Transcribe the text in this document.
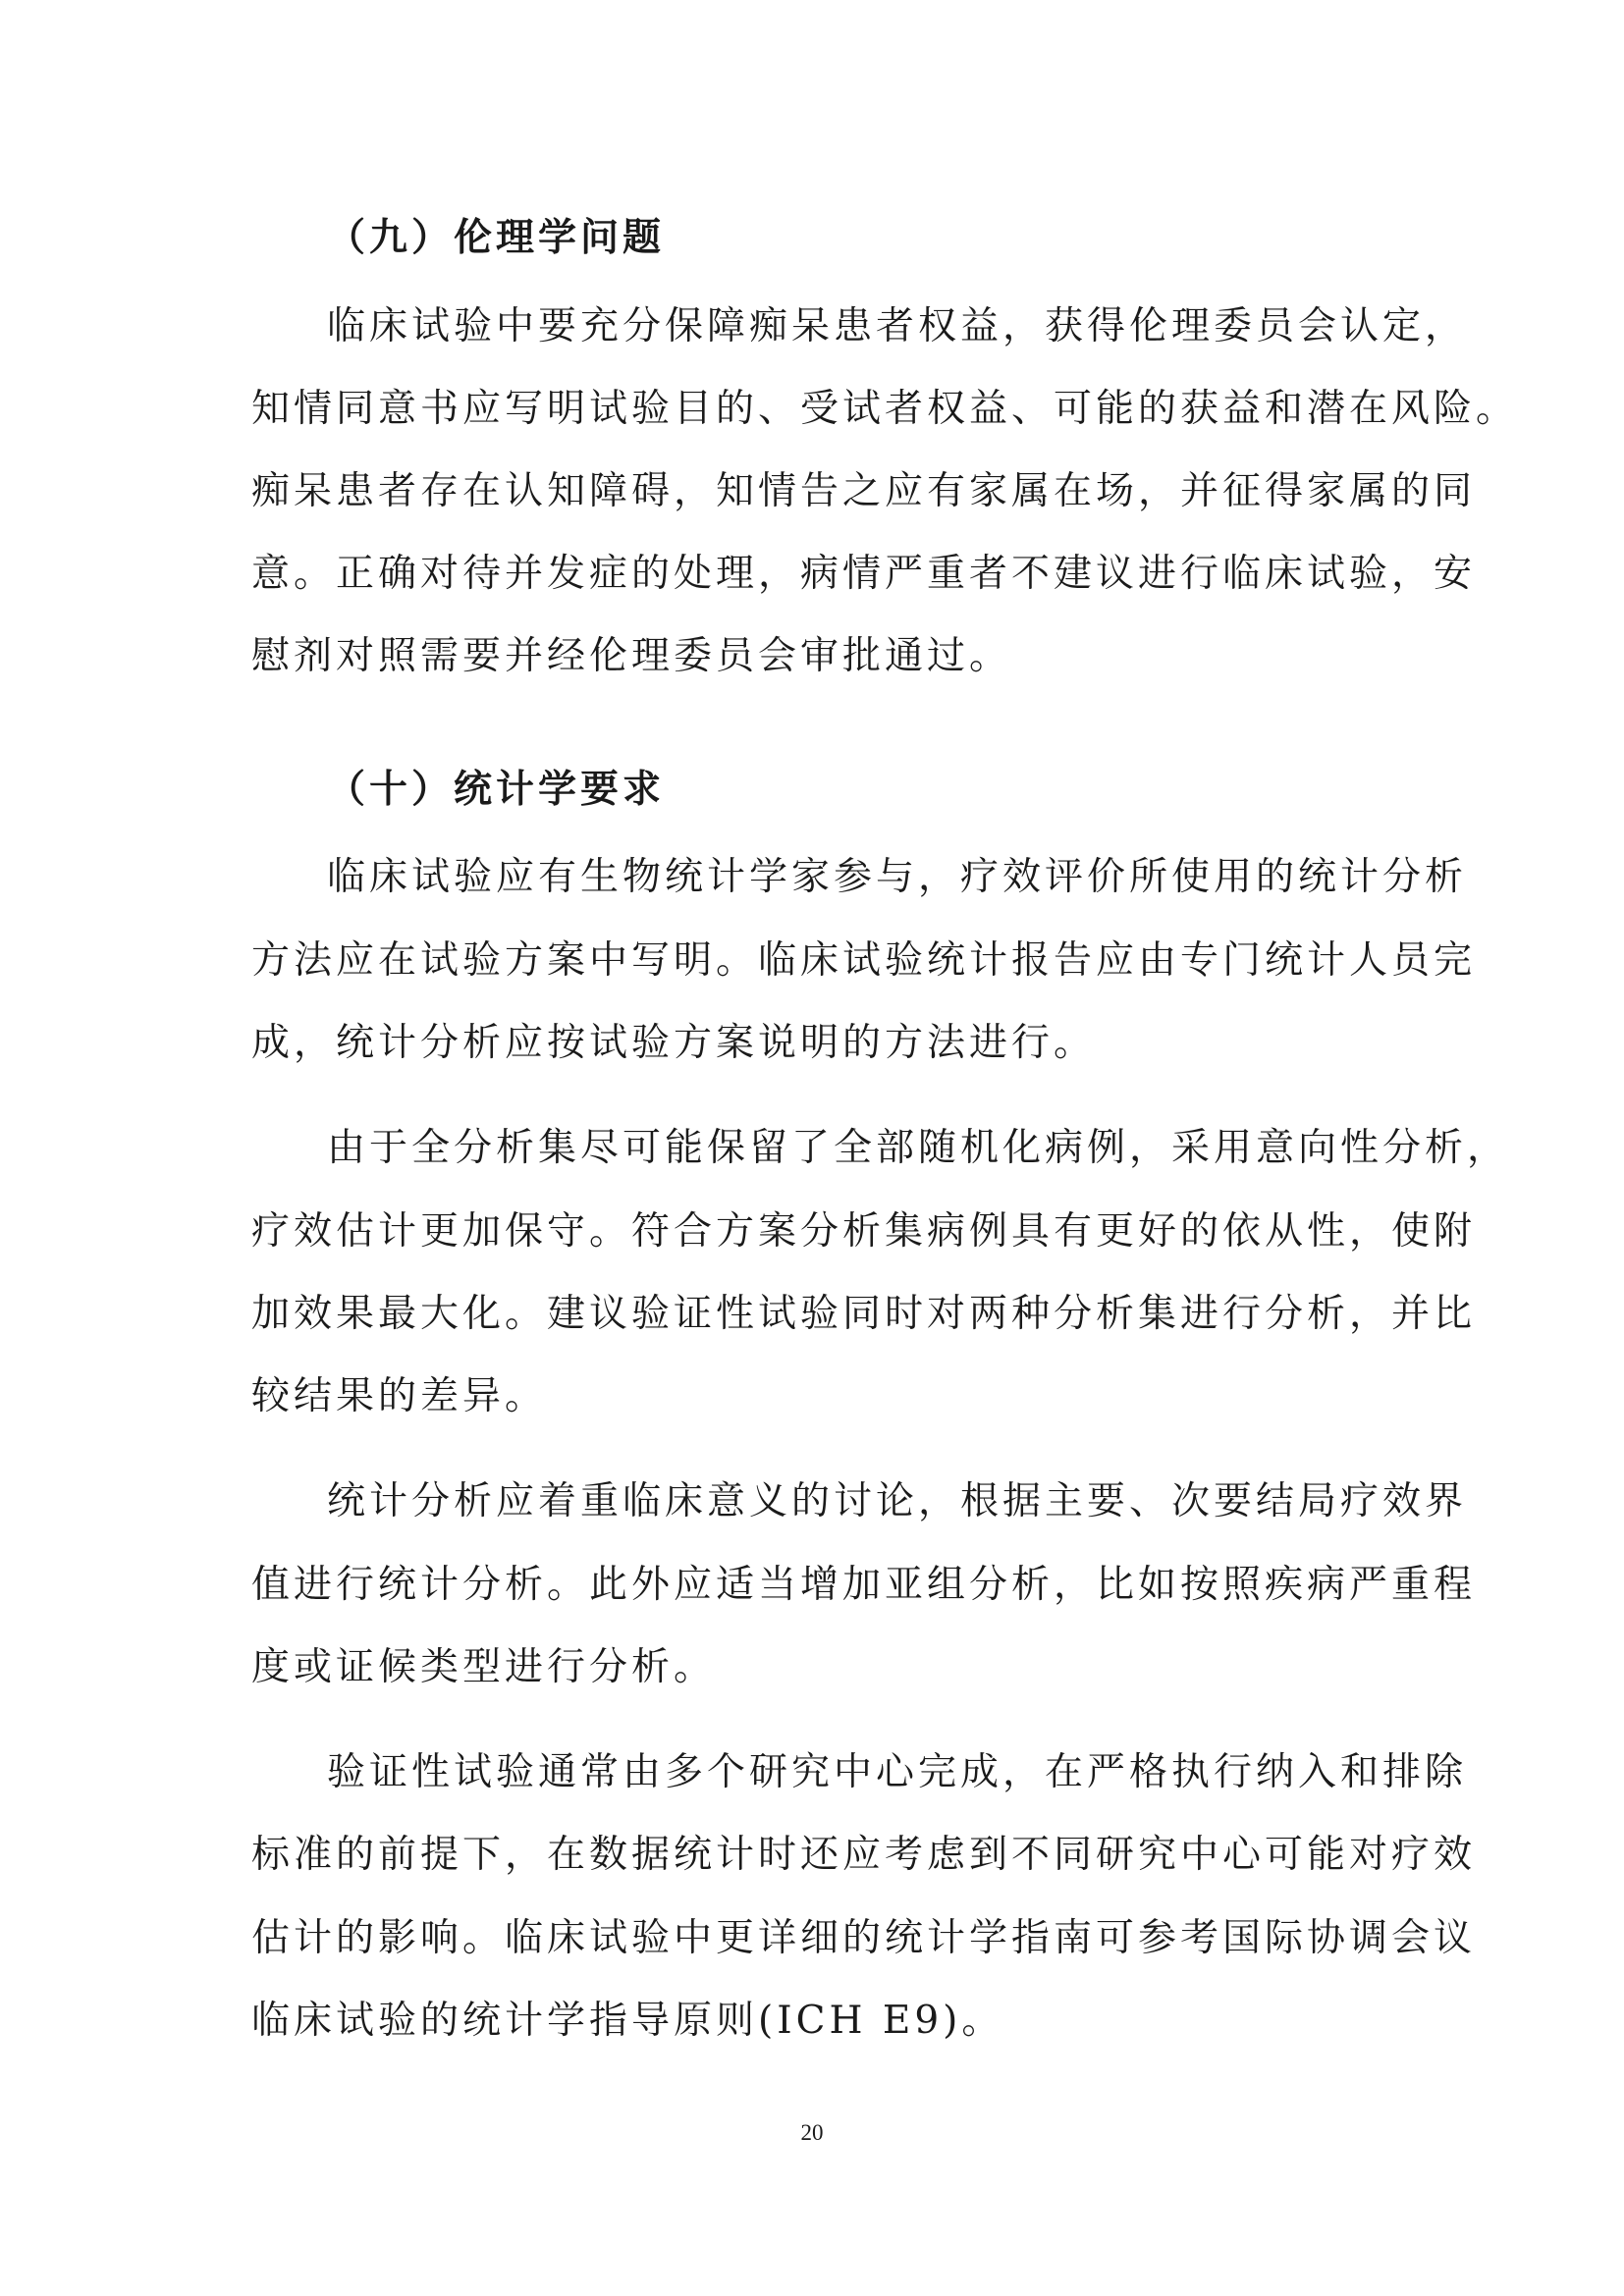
（九）伦理学问题
临床试验中要充分保障痴呆患者权益，获得伦理委员会认定，
知情同意书应写明试验目的、受试者权益、可能的获益和潜在风险。
痴呆患者存在认知障碍，知情告之应有家属在场，并征得家属的同
意。正确对待并发症的处理，病情严重者不建议进行临床试验，安
慰剂对照需要并经伦理委员会审批通过。
（十）统计学要求
临床试验应有生物统计学家参与，疗效评价所使用的统计分析
方法应在试验方案中写明。临床试验统计报告应由专门统计人员完
成，统计分析应按试验方案说明的方法进行。
由于全分析集尽可能保留了全部随机化病例，采用意向性分析，
疗效估计更加保守。符合方案分析集病例具有更好的依从性，使附
加效果最大化。建议验证性试验同时对两种分析集进行分析，并比
较结果的差异。
统计分析应着重临床意义的讨论，根据主要、次要结局疗效界
值进行统计分析。此外应适当增加亚组分析，比如按照疾病严重程
度或证候类型进行分析。
验证性试验通常由多个研究中心完成，在严格执行纳入和排除
标准的前提下，在数据统计时还应考虑到不同研究中心可能对疗效
估计的影响。临床试验中更详细的统计学指南可参考国际协调会议
临床试验的统计学指导原则(ICH E9)。
20
